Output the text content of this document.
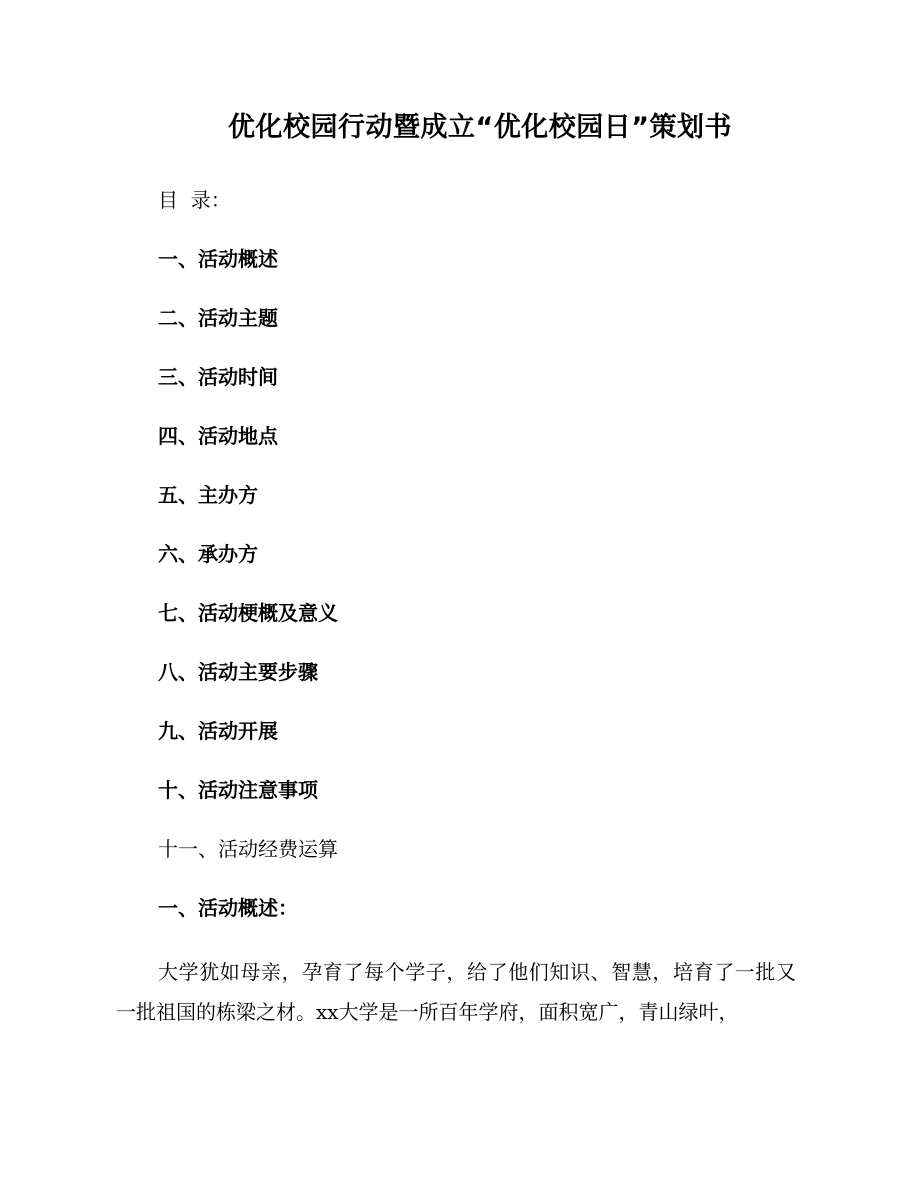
优化校园行动暨成立“优化校园日”策划书
目  录：
一、活动概述
二、活动主题
三、活动时间
四、活动地点
五、主办方
六、承办方
七、活动梗概及意义
八、活动主要步骤
九、活动开展
十、活动注意事项
十一、活动经费运算
一、活动概述：

大学犹如母亲，孕育了每个学子，给了他们知识、智慧，培育了一批又一批祖国的栋梁之材。xx大学是一所百年学府，面积宽广，青山绿叶，
